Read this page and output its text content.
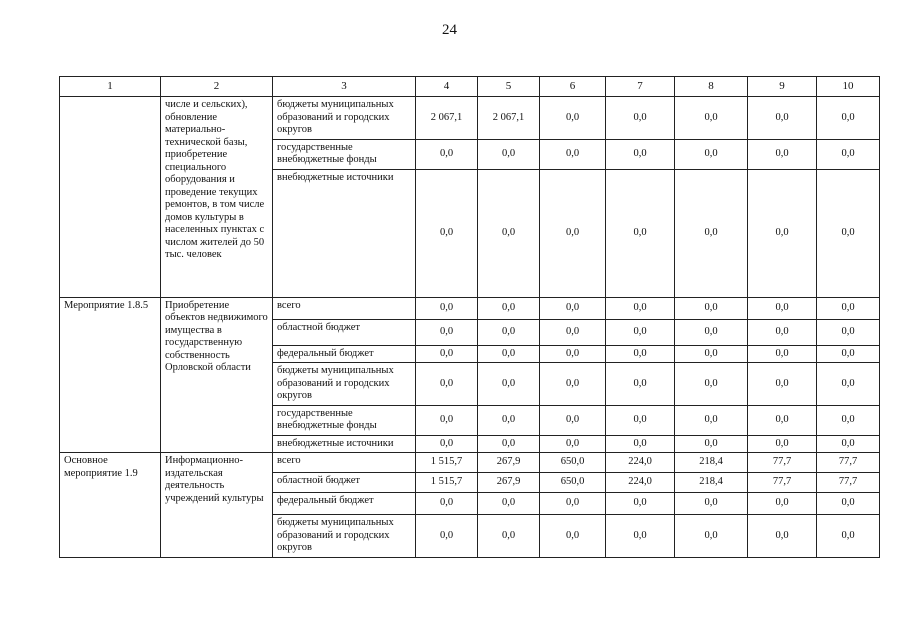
24
1	2	3	4	5	6	7	8	9	10
	числе и сельских), обновление материально-технической базы, приобретение специального оборудования и проведение текущих ремонтов, в том числе домов культуры в населенных пунктах с числом жителей до 50 тыс. человек	бюджеты муниципальных образований и городских округов	2 067,1	2 067,1	0,0	0,0	0,0	0,0	0,0
		государственные внебюджетные фонды	0,0	0,0	0,0	0,0	0,0	0,0	0,0
		внебюджетные источники	0,0	0,0	0,0	0,0	0,0	0,0	0,0
Мероприятие 1.8.5	Приобретение объектов недвижимого имущества в государственную собственность Орловской области	всего	0,0	0,0	0,0	0,0	0,0	0,0	0,0
		областной бюджет	0,0	0,0	0,0	0,0	0,0	0,0	0,0
		федеральный бюджет	0,0	0,0	0,0	0,0	0,0	0,0	0,0
		бюджеты муниципальных образований и городских округов	0,0	0,0	0,0	0,0	0,0	0,0	0,0
		государственные внебюджетные фонды	0,0	0,0	0,0	0,0	0,0	0,0	0,0
		внебюджетные источники	0,0	0,0	0,0	0,0	0,0	0,0	0,0
Основное мероприятие 1.9	Информационно-издательская деятельность учреждений культуры	всего	1 515,7	267,9	650,0	224,0	218,4	77,7	77,7
		областной бюджет	1 515,7	267,9	650,0	224,0	218,4	77,7	77,7
		федеральный бюджет	0,0	0,0	0,0	0,0	0,0	0,0	0,0
		бюджеты муниципальных образований и городских округов	0,0	0,0	0,0	0,0	0,0	0,0	0,0
